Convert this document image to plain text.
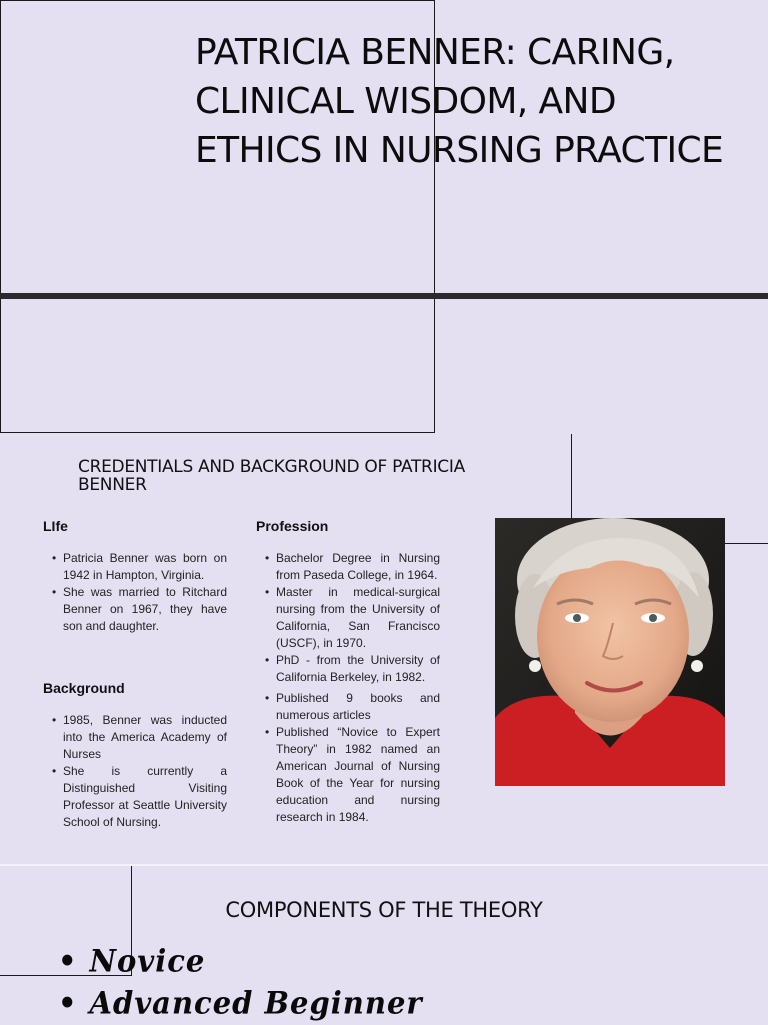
PATRICIA BENNER: CARING, CLINICAL WISDOM, AND ETHICS IN NURSING PRACTICE
CREDENTIALS AND BACKGROUND OF PATRICIA BENNER

LIfe

• Patricia Benner was born on 1942 in Hampton, Virginia.
• She was married to Ritchard Benner on 1967, they have son and daughter.

Background

• 1985, Benner was inducted into the America Academy of Nurses
• She is currently a Distinguished Visiting Professor at Seattle University School of Nursing.

Profession

• Bachelor Degree in Nursing from Paseda College, in 1964.
• Master in medical-surgical nursing from the University of California, San Francisco (USCF), in 1970.
• PhD - from the University of California Berkeley, in 1982.
• Published 9 books and numerous articles
• Published “Novice to Expert Theory” in 1982 named an American Journal of Nursing Book of the Year for nursing education and nursing research in 1984.
COMPONENTS OF THE THEORY
• Novice
• Advanced Beginner
